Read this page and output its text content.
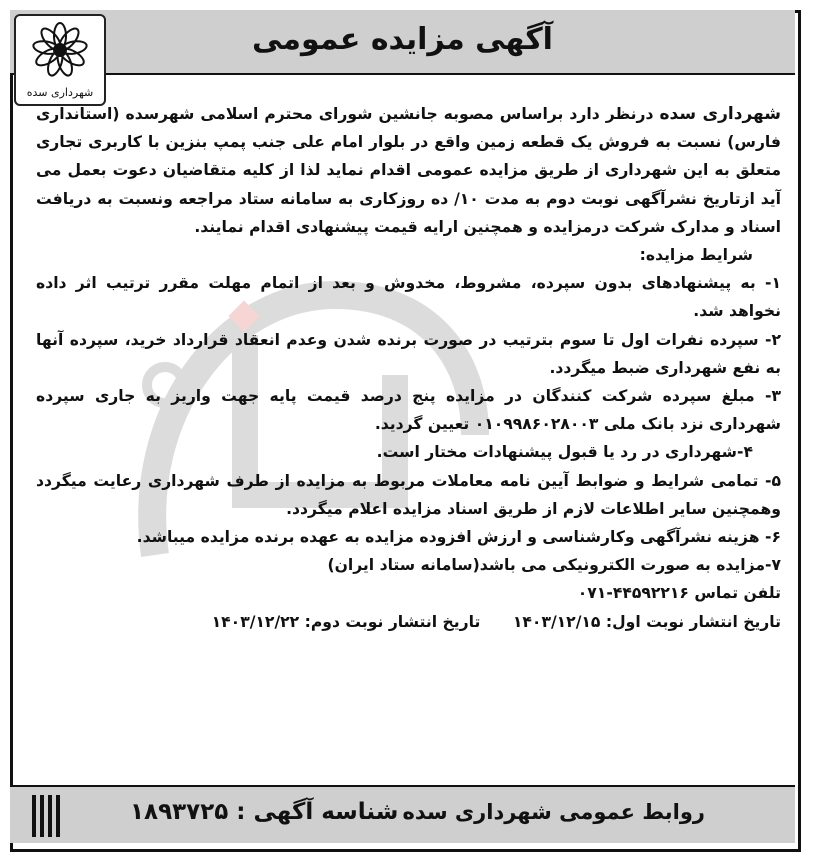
آگهی مزایده عمومی
شهرداری سده

شهرداری سده درنظر دارد براساس مصوبه جانشین شورای محترم اسلامی شهرسده (استانداری فارس) نسبت به فروش یک قطعه زمین واقع در بلوار امام علی جنب پمپ بنزین با کاربری تجاری متعلق به این شهرداری از طریق مزایده عمومی اقدام نماید لذا از کلیه متقاضیان دعوت بعمل می آید ازتاریخ نشرآگهی نوبت دوم به مدت ۱۰/ ده روزکاری به سامانه ستاد مراجعه ونسبت به دریافت اسناد و مدارک شرکت درمزایده و همچنین ارایه قیمت پیشنهادی اقدام نمایند.

شرایط مزایده:

۱- به پیشنهادهای بدون سپرده، مشروط، مخدوش و بعد از اتمام مهلت مقرر ترتیب اثر داده نخواهد شد.

۲- سپرده نفرات اول تا سوم بترتیب در صورت برنده شدن وعدم انعقاد قرارداد خرید، سپرده آنها به نفع شهرداری ضبط میگردد.

۳- مبلغ سپرده شرکت کنندگان در مزایده پنج درصد قیمت پایه جهت واریز به جاری سپرده شهرداری نزد بانک ملی ۰۱۰۹۹۸۶۰۲۸۰۰۳ تعیین گردید.

۴-شهرداری در رد یا قبول پیشنهادات مختار است.

۵- تمامی شرایط و ضوابط آیین نامه معاملات مربوط به مزایده از طرف شهرداری رعایت میگردد وهمچنین سایر اطلاعات لازم از طریق اسناد مزایده اعلام میگردد.

۶- هزینه نشرآگهی وکارشناسی و ارزش افزوده مزایده به عهده برنده مزایده میباشد.

۷-مزایده به صورت الکترونیکی می باشد(سامانه ستاد ایران)

تلفن تماس ۴۴۵۹۲۲۱۶-۰۷۱

تاریخ انتشار نوبت اول: ۱۴۰۳/۱۲/۱۵      تاریخ انتشار نوبت دوم: ۱۴۰۳/۱۲/۲۲

روابط عمومی شهرداری سده
شناسه آگهی :۱۸۹۳۷۲۵
